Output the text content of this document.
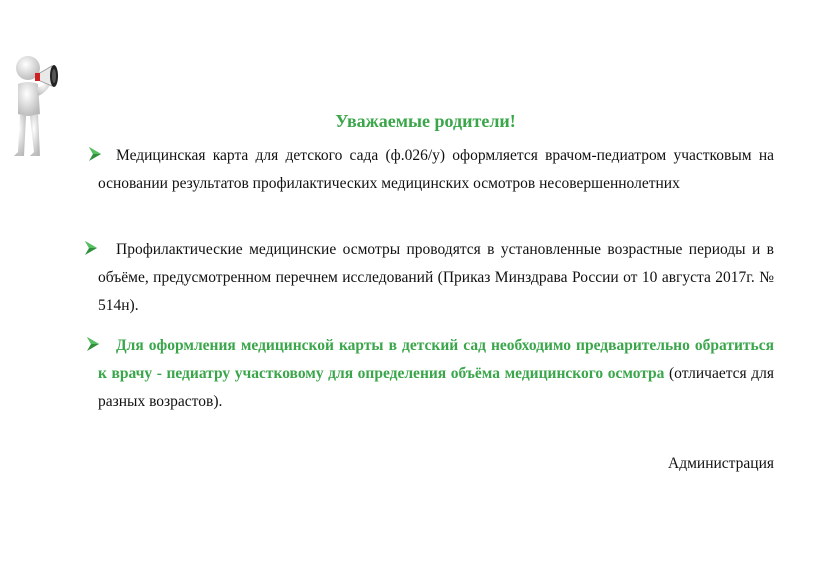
Уважаемые родители!

Медицинская карта для детского сада (ф.026/у) оформляется врачом-педиатром участковым на основании результатов профилактических медицинских осмотров несовершеннолетних

Профилактические медицинские осмотры проводятся в установленные возрастные периоды и в объёме, предусмотренном перечнем исследований (Приказ Минздрава России от 10 августа 2017г. № 514н).

Для оформления медицинской карты в детский сад необходимо предварительно обратиться к врачу - педиатру участковому для определения объёма медицинского осмотра (отличается для разных возрастов).

Администрация
